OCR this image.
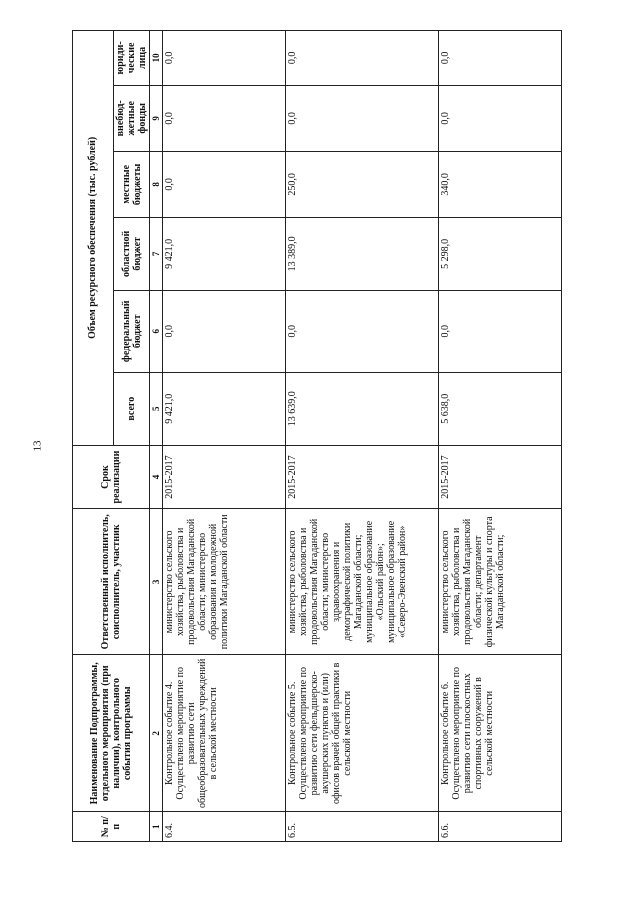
13
№ п/п	Наименование Подпрограммы, отдельного мероприятия (при наличии), контрольного события программы	Ответственный исполнитель, соисполнитель, участник	Срок реализации	Объем ресурсного обеспечения (тыс. рублей)					
				всего	федеральный бюджет	областной бюджет	местные бюджеты	внебюд-жетные фонды	юриди-ческие лица
1	2	3	4	5	6	7	8	9	10
6.4.	Контрольное событие 4. Осуществлено мероприятие по развитию сети общеобразовательных учреждений в сельской местности	министерство сельского хозяйства, рыболовства и продовольствия Магаданской области; министерство образования и молодежной политики Магаданской области	2015-2017	9 421,0	0,0	9 421,0	0,0	0,0	0,0
6.5.	Контрольное событие 5. Осуществлено мероприятие по развитию сети фельдшерско-акушерских пунктов и (или) офисов врачей общей практики в сельской местности	министерство сельского хозяйства, рыболовства и продовольствия Магаданской области; министерство здравоохранения и демографической политики Магаданской области; муниципальное образование «Ольский район»; муниципальное образование «Северо-Эвенский район»	2015-2017	13 639,0	0,0	13 389,0	250,0	0,0	0,0
6.6.	Контрольное событие 6. Осуществлено мероприятие по развитию сети плоскостных спортивных сооружений в сельской местности	министерство сельского хозяйства, рыболовства и продовольствия Магаданской области; департамент физической культуры и спорта Магаданской области;	2015-2017	5 638,0	0,0	5 298,0	340,0	0,0	0,0
